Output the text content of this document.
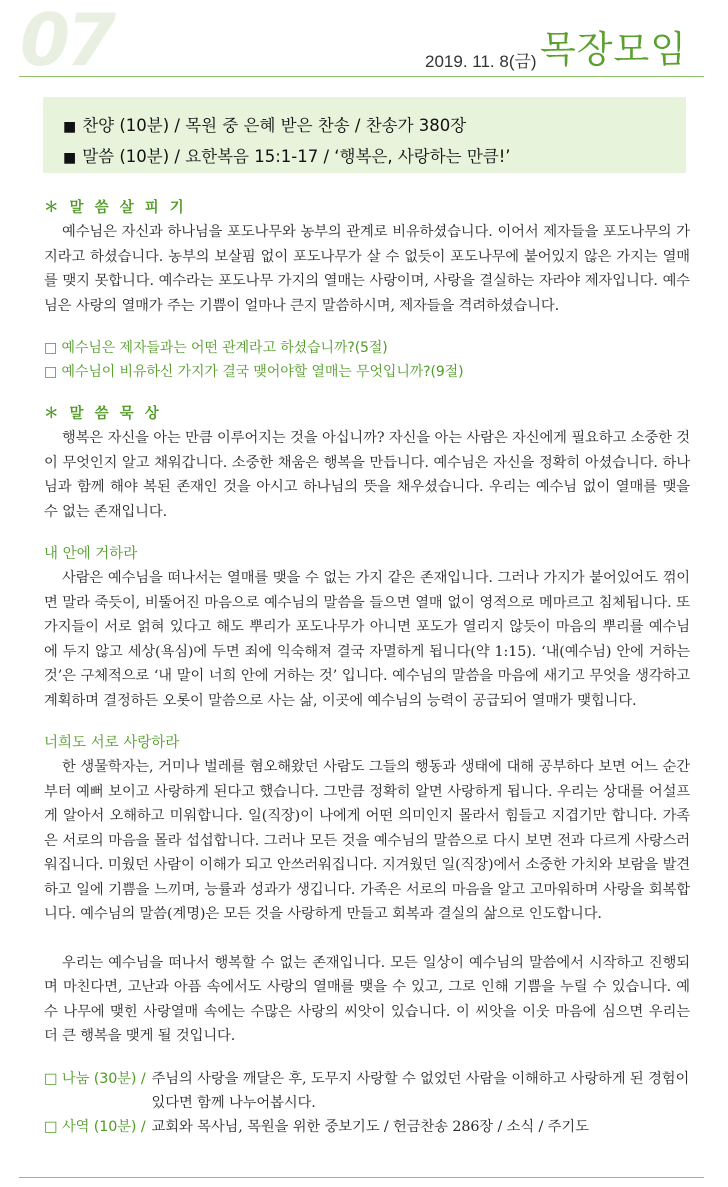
07	2019. 11. 8(금) 목장모임
■ 찬양 (10분) / 목원 중 은혜 받은 찬송 / 찬송가 380장
■ 말씀 (10분) / 요한복음 15:1-17 / ‘행복은, 사랑하는 만큼!’
＊ 말 씀 살 피 기
예수님은 자신과 하나님을 포도나무와 농부의 관계로 비유하셨습니다. 이어서 제자들을 포도나무의 가지라고 하셨습니다. 농부의 보살핌 없이 포도나무가 살 수 없듯이 포도나무에 붙어있지 않은 가지는 열매를 맺지 못합니다. 예수라는 포도나무 가지의 열매는 사랑이며, 사랑을 결실하는 자라야 제자입니다. 예수님은 사랑의 열매가 주는 기쁨이 얼마나 큰지 말씀하시며, 제자들을 격려하셨습니다.
□ 예수님은 제자들과는 어떤 관계라고 하셨습니까?(5절)
□ 예수님이 비유하신 가지가 결국 맺어야할 열매는 무엇입니까?(9절)
＊ 말 씀 묵 상
행복은 자신을 아는 만큼 이루어지는 것을 아십니까? 자신을 아는 사람은 자신에게 필요하고 소중한 것이 무엇인지 알고 채워갑니다. 소중한 채움은 행복을 만듭니다. 예수님은 자신을 정확히 아셨습니다. 하나님과 함께 해야 복된 존재인 것을 아시고 하나님의 뜻을 채우셨습니다. 우리는 예수님 없이 열매를 맺을 수 없는 존재입니다.
내 안에 거하라
사람은 예수님을 떠나서는 열매를 맺을 수 없는 가지 같은 존재입니다. 그러나 가지가 붙어있어도 꺾이면 말라 죽듯이, 비뚤어진 마음으로 예수님의 말씀을 들으면 열매 없이 영적으로 메마르고 침체됩니다. 또 가지들이 서로 얽혀 있다고 해도 뿌리가 포도나무가 아니면 포도가 열리지 않듯이 마음의 뿌리를 예수님에 두지 않고 세상(욕심)에 두면 죄에 익숙해져 결국 자멸하게 됩니다(약 1:15). ‘내(예수님) 안에 거하는 것’은 구체적으로 ‘내 말이 너희 안에 거하는 것’ 입니다. 예수님의 말씀을 마음에 새기고 무엇을 생각하고 계획하며 결정하든 오롯이 말씀으로 사는 삶, 이곳에 예수님의 능력이 공급되어 열매가 맺힙니다.
너희도 서로 사랑하라
한 생물학자는, 거미나 벌레를 혐오해왔던 사람도 그들의 행동과 생태에 대해 공부하다 보면 어느 순간부터 예뻐 보이고 사랑하게 된다고 했습니다. 그만큼 정확히 알면 사랑하게 됩니다. 우리는 상대를 어설프게 알아서 오해하고 미워합니다. 일(직장)이 나에게 어떤 의미인지 몰라서 힘들고 지겹기만 합니다. 가족은 서로의 마음을 몰라 섭섭합니다. 그러나 모든 것을 예수님의 말씀으로 다시 보면 전과 다르게 사랑스러워집니다. 미웠던 사람이 이해가 되고 안쓰러워집니다. 지겨웠던 일(직장)에서 소중한 가치와 보람을 발견하고 일에 기쁨을 느끼며, 능률과 성과가 생깁니다. 가족은 서로의 마음을 알고 고마워하며 사랑을 회복합니다. 예수님의 말씀(계명)은 모든 것을 사랑하게 만들고 회복과 결실의 삶으로 인도합니다.
우리는 예수님을 떠나서 행복할 수 없는 존재입니다. 모든 일상이 예수님의 말씀에서 시작하고 진행되며 마친다면, 고난과 아픔 속에서도 사랑의 열매를 맺을 수 있고, 그로 인해 기쁨을 누릴 수 있습니다. 예수 나무에 맺힌 사랑열매 속에는 수많은 사랑의 씨앗이 있습니다. 이 씨앗을 이웃 마음에 심으면 우리는 더 큰 행복을 맺게 될 것입니다.
□ 나눔 (30분) / 주님의 사랑을 깨달은 후, 도무지 사랑할 수 없었던 사람을 이해하고 사랑하게 된 경험이 있다면 함께 나누어봅시다.
□ 사역 (10분) / 교회와 목사님, 목원을 위한 중보기도 / 헌금찬송 286장 / 소식 / 주기도
